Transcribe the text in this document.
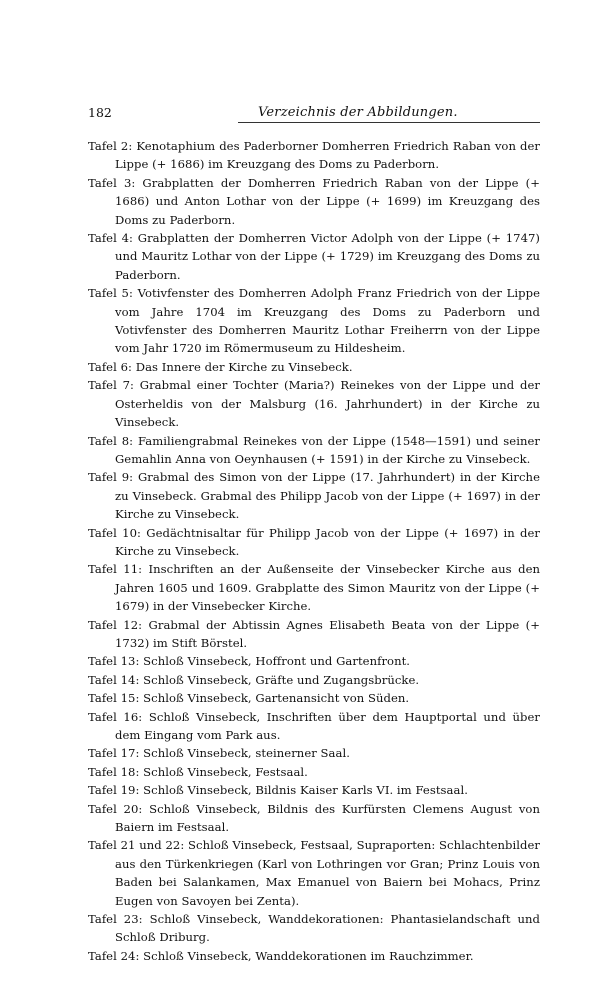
182	Verzeichnis der Abbildungen.
Tafel 2: Kenotaphium des Paderborner Domherren Friedrich Raban von der Lippe (+ 1686) im Kreuzgang des Doms zu Paderborn.
Tafel 3: Grabplatten der Domherren Friedrich Raban von der Lippe (+ 1686) und Anton Lothar von der Lippe (+ 1699) im Kreuzgang des Doms zu Paderborn.
Tafel 4: Grabplatten der Domherren Victor Adolph von der Lippe (+ 1747) und Mauritz Lothar von der Lippe (+ 1729) im Kreuzgang des Doms zu Paderborn.
Tafel 5: Votivfenster des Domherren Adolph Franz Friedrich von der Lippe vom Jahre 1704 im Kreuzgang des Doms zu Paderborn und Votivfenster des Domherren Mauritz Lothar Freiherrn von der Lippe vom Jahr 1720 im Römermuseum zu Hildesheim.
Tafel 6: Das Innere der Kirche zu Vinsebeck.
Tafel 7: Grabmal einer Tochter (Maria?) Reinekes von der Lippe und der Osterheldis von der Malsburg (16. Jahrhundert) in der Kirche zu Vinsebeck.
Tafel 8: Familiengrabmal Reinekes von der Lippe (1548—1591) und seiner Gemahlin Anna von Oeynhausen (+ 1591) in der Kirche zu Vinsebeck.
Tafel 9: Grabmal des Simon von der Lippe (17. Jahrhundert) in der Kirche zu Vinsebeck. Grabmal des Philipp Jacob von der Lippe (+ 1697) in der Kirche zu Vinsebeck.
Tafel 10: Gedächtnisaltar für Philipp Jacob von der Lippe (+ 1697) in der Kirche zu Vinsebeck.
Tafel 11: Inschriften an der Außenseite der Vinsebecker Kirche aus den Jahren 1605 und 1609. Grabplatte des Simon Mauritz von der Lippe (+ 1679) in der Vinsebecker Kirche.
Tafel 12: Grabmal der Abtissin Agnes Elisabeth Beata von der Lippe (+ 1732) im Stift Börstel.
Tafel 13: Schloß Vinsebeck, Hoffront und Gartenfront.
Tafel 14: Schloß Vinsebeck, Gräfte und Zugangsbrücke.
Tafel 15: Schloß Vinsebeck, Gartenansicht von Süden.
Tafel 16: Schloß Vinsebeck, Inschriften über dem Hauptportal und über dem Eingang vom Park aus.
Tafel 17: Schloß Vinsebeck, steinerner Saal.
Tafel 18: Schloß Vinsebeck, Festsaal.
Tafel 19: Schloß Vinsebeck, Bildnis Kaiser Karls VI. im Festsaal.
Tafel 20: Schloß Vinsebeck, Bildnis des Kurfürsten Clemens August von Baiern im Festsaal.
Tafel 21 und 22: Schloß Vinsebeck, Festsaal, Supraporten: Schlachtenbilder aus den Türkenkriegen (Karl von Lothringen vor Gran; Prinz Louis von Baden bei Salankamen, Max Emanuel von Baiern bei Mohacs, Prinz Eugen von Savoyen bei Zenta).
Tafel 23: Schloß Vinsebeck, Wanddekorationen: Phantasielandschaft und Schloß Driburg.
Tafel 24: Schloß Vinsebeck, Wanddekorationen im Rauchzimmer.
